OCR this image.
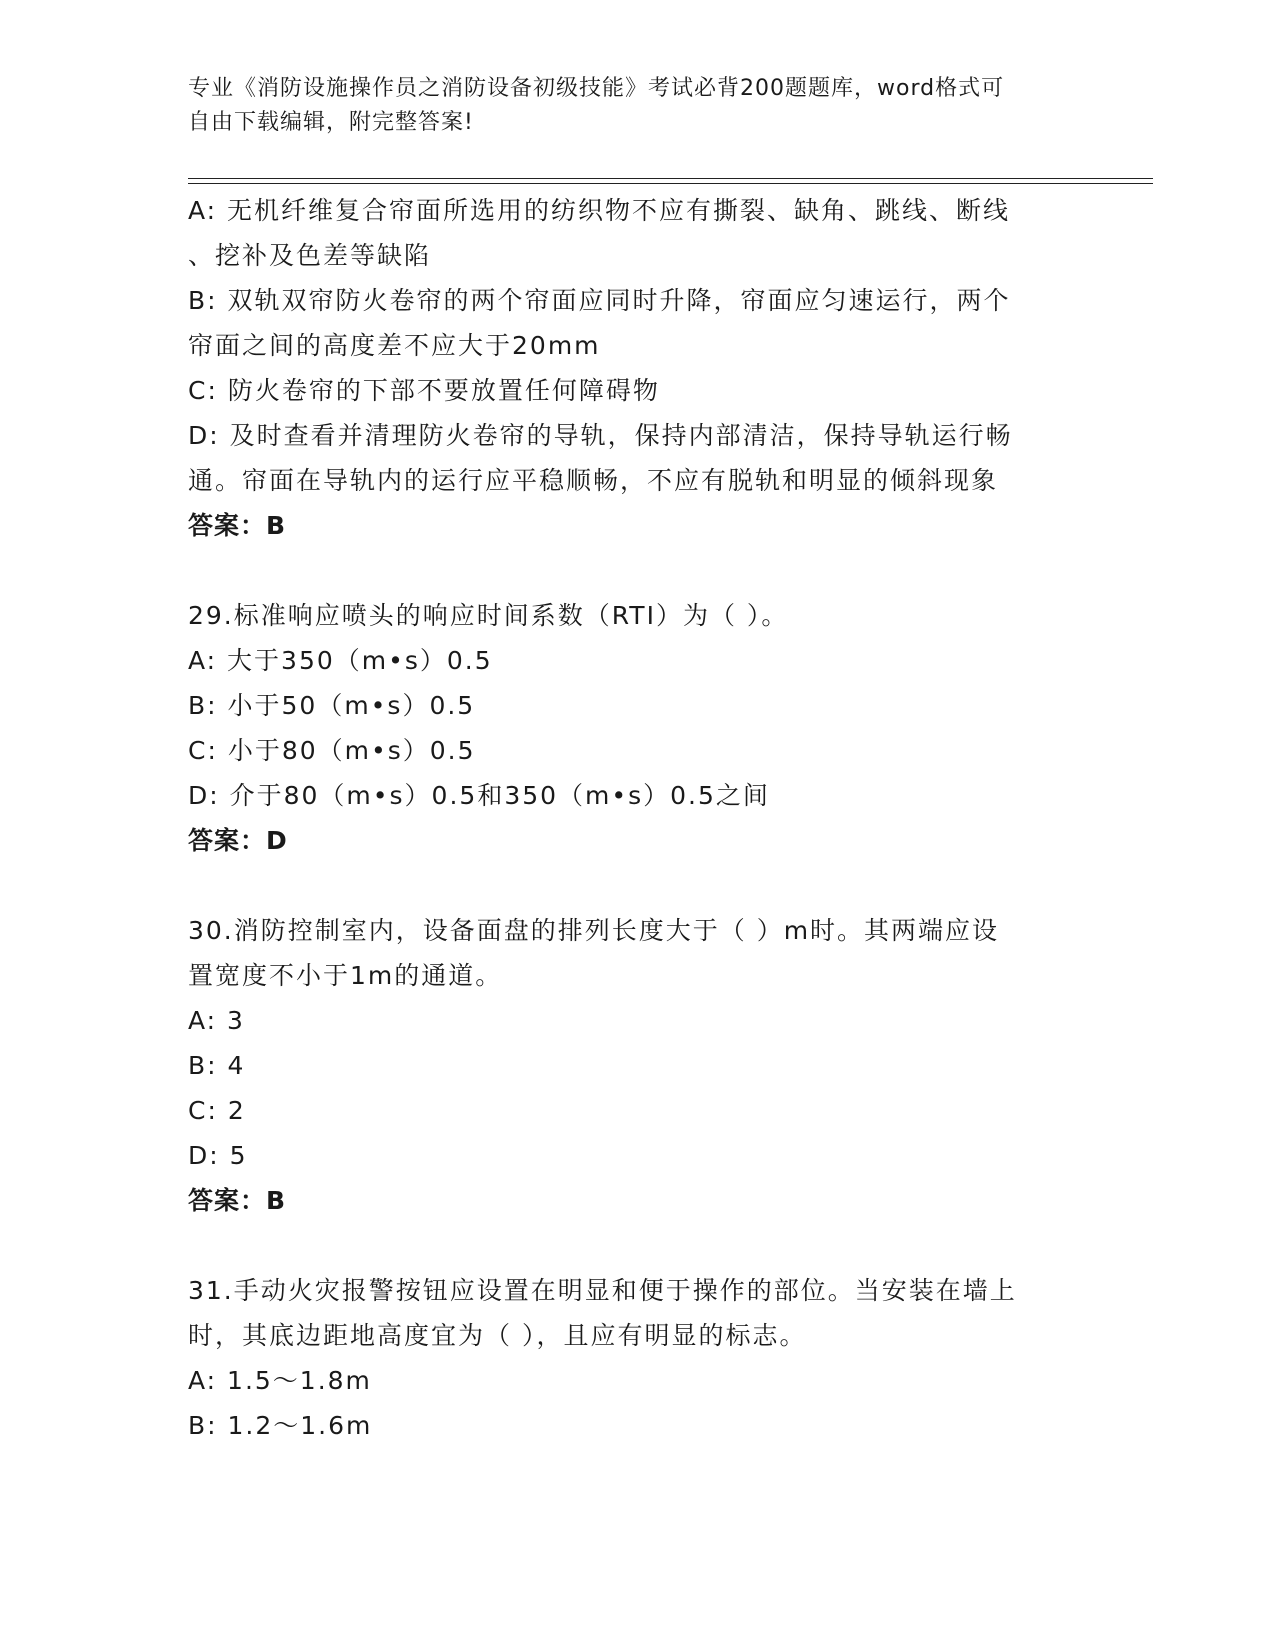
专业《消防设施操作员之消防设备初级技能》考试必背200题题库，word格式可
自由下载编辑，附完整答案!
A: 无机纤维复合帘面所选用的纺织物不应有撕裂、缺角、跳线、断线
、挖补及色差等缺陷
B: 双轨双帘防火卷帘的两个帘面应同时升降，帘面应匀速运行，两个
帘面之间的高度差不应大于20mm
C: 防火卷帘的下部不要放置任何障碍物
D: 及时查看并清理防火卷帘的导轨，保持内部清洁，保持导轨运行畅
通。帘面在导轨内的运行应平稳顺畅，不应有脱轨和明显的倾斜现象
答案：B
29.标准响应喷头的响应时间系数（RTI）为（ ）。
A: 大于350（m•s）0.5
B: 小于50（m•s）0.5
C: 小于80（m•s）0.5
D: 介于80（m•s）0.5和350（m•s）0.5之间
答案：D
30.消防控制室内，设备面盘的排列长度大于（ ）m时。其两端应设
置宽度不小于1m的通道。
A: 3
B: 4
C: 2
D: 5
答案：B
31.手动火灾报警按钮应设置在明显和便于操作的部位。当安装在墙上
时，其底边距地高度宜为（ ），且应有明显的标志。
A: 1.5～1.8m
B: 1.2～1.6m
